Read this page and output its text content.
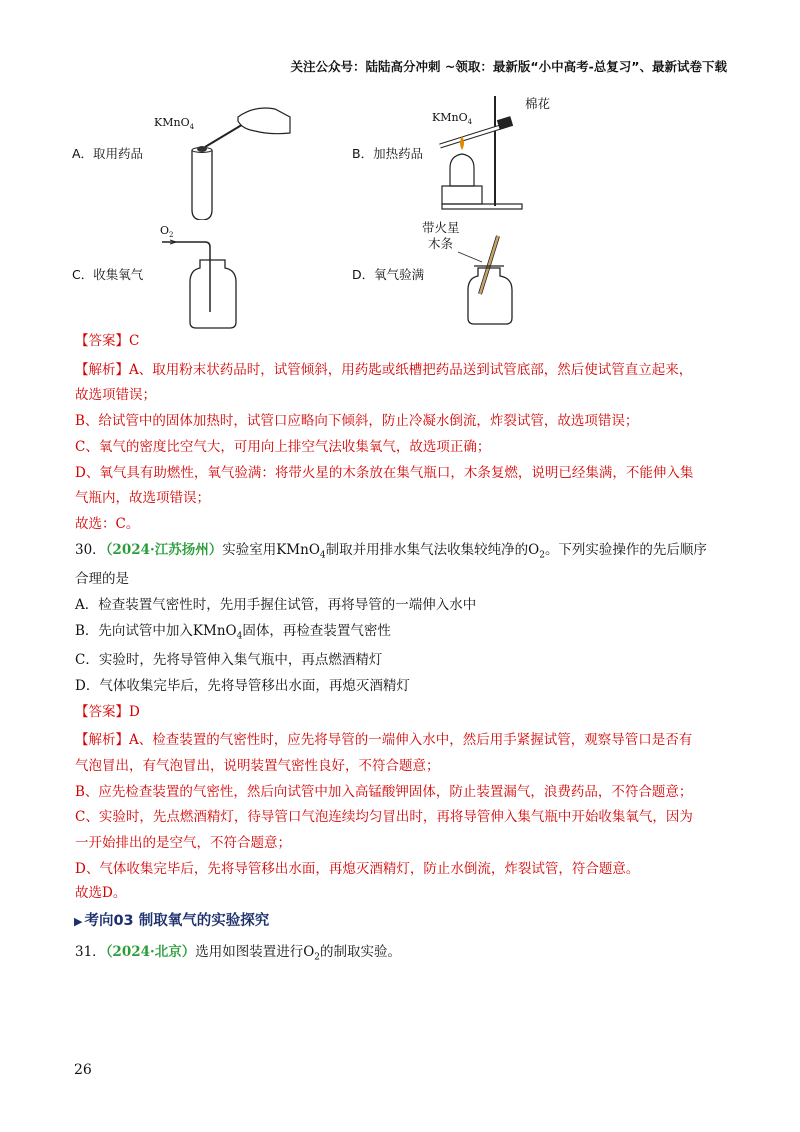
关注公众号：陆陆高分冲刺 ~领取：最新版“小中高考-总复习”、最新试卷下载
KMnO$_4$
A．取用药品
KMnO$_4$
棉花
B．加热药品
$O_2$
C．收集氧气
带火星
木条
D．氧气验满
【答案】C
【解析】A、取用粉末状药品时，试管倾斜，用药匙或纸槽把药品送到试管底部，然后使试管直立起来，
故选项错误；
B、给试管中的固体加热时，试管口应略向下倾斜，防止冷凝水倒流，炸裂试管，故选项错误；
C、氧气的密度比空气大，可用向上排空气法收集氧气，故选项正确；
D、氧气具有助燃性，氧气验满：将带火星的木条放在集气瓶口，木条复燃，说明已经集满，不能伸入集
气瓶内，故选项错误；
故选：C。
30．（2024·江苏扬州）实验室用KMnO$_4$制取并用排水集气法收集较纯净的$O_2$。下列实验操作的先后顺序
合理的是
A．检查装置气密性时，先用手握住试管，再将导管的一端伸入水中
B．先向试管中加入KMnO$_4$固体，再检查装置气密性
C．实验时，先将导管伸入集气瓶中，再点燃酒精灯
D．气体收集完毕后，先将导管移出水面，再熄灭酒精灯
【答案】D
【解析】A、检查装置的气密性时，应先将导管的一端伸入水中，然后用手紧握试管，观察导管口是否有
气泡冒出，有气泡冒出，说明装置气密性良好，不符合题意；
B、应先检查装置的气密性，然后向试管中加入高锰酸钾固体，防止装置漏气，浪费药品，不符合题意；
C、实验时，先点燃酒精灯，待导管口气泡连续均匀冒出时，再将导管伸入集气瓶中开始收集氧气，因为
一开始排出的是空气，不符合题意；
D、气体收集完毕后，先将导管移出水面，再熄灭酒精灯，防止水倒流，炸裂试管，符合题意。
故选D。
▶ 考向03 制取氧气的实验探究
31．（2024·北京）选用如图装置进行$O_2$的制取实验。
26
